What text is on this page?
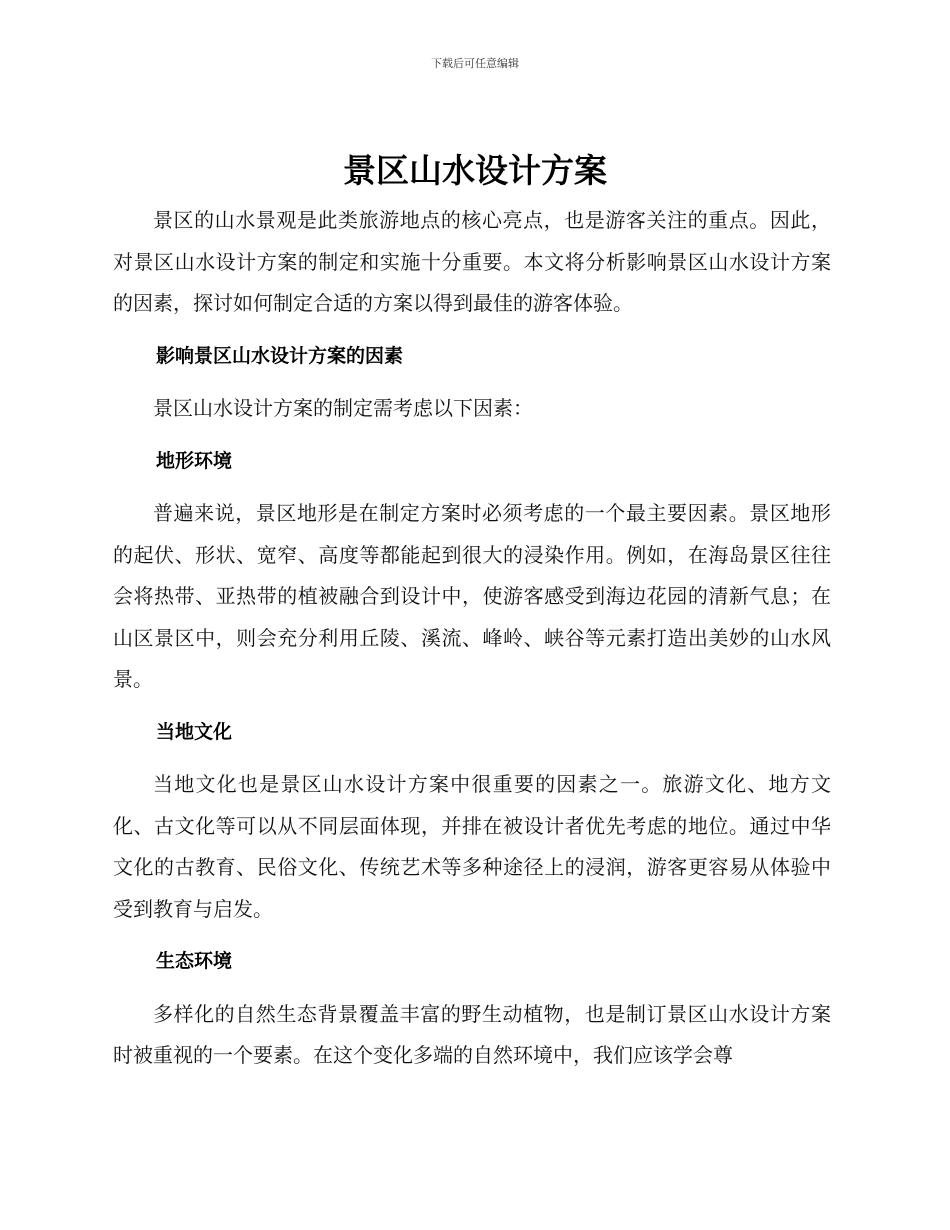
下载后可任意编辑
景区山水设计方案

景区的山水景观是此类旅游地点的核心亮点，也是游客关注的重点。因此，对景区山水设计方案的制定和实施十分重要。本文将分析影响景区山水设计方案的因素，探讨如何制定合适的方案以得到最佳的游客体验。

影响景区山水设计方案的因素

景区山水设计方案的制定需考虑以下因素：

地形环境

普遍来说，景区地形是在制定方案时必须考虑的一个最主要因素。景区地形的起伏、形状、宽窄、高度等都能起到很大的浸染作用。例如，在海岛景区往往会将热带、亚热带的植被融合到设计中，使游客感受到海边花园的清新气息；在山区景区中，则会充分利用丘陵、溪流、峰岭、峡谷等元素打造出美妙的山水风景。

当地文化

当地文化也是景区山水设计方案中很重要的因素之一。旅游文化、地方文化、古文化等可以从不同层面体现，并排在被设计者优先考虑的地位。通过中华文化的古教育、民俗文化、传统艺术等多种途径上的浸润，游客更容易从体验中受到教育与启发。

生态环境

多样化的自然生态背景覆盖丰富的野生动植物，也是制订景区山水设计方案时被重视的一个要素。在这个变化多端的自然环境中，我们应该学会尊
